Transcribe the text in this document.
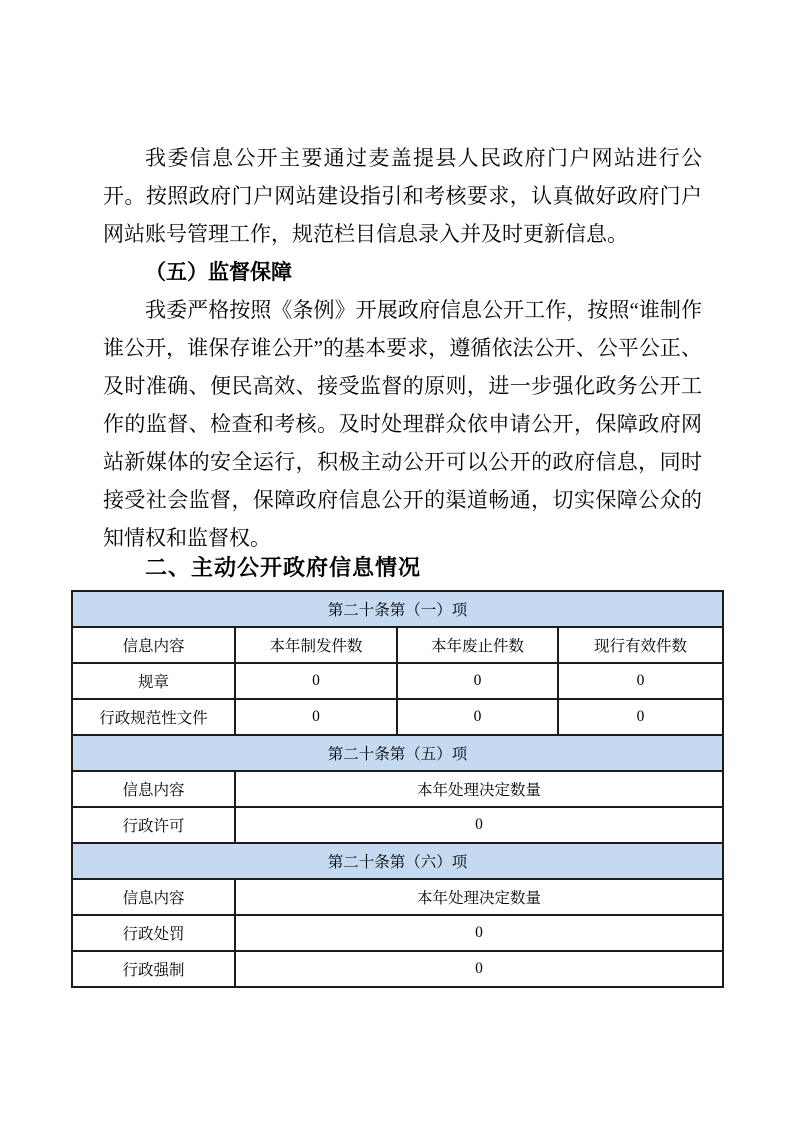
我委信息公开主要通过麦盖提县人民政府门户网站进行公开。按照政府门户网站建设指引和考核要求，认真做好政府门户网站账号管理工作，规范栏目信息录入并及时更新信息。

（五）监督保障

我委严格按照《条例》开展政府信息公开工作，按照“谁制作谁公开，谁保存谁公开”的基本要求，遵循依法公开、公平公正、及时准确、便民高效、接受监督的原则，进一步强化政务公开工作的监督、检查和考核。及时处理群众依申请公开，保障政府网站新媒体的安全运行，积极主动公开可以公开的政府信息，同时接受社会监督，保障政府信息公开的渠道畅通，切实保障公众的知情权和监督权。

二、主动公开政府信息情况

第二十条第（一）项			
信息内容	本年制发件数	本年废止件数	现行有效件数
规章	0	0	0
行政规范性文件	0	0	0
第二十条第（五）项			
信息内容	本年处理决定数量		
行政许可	0		
第二十条第（六）项			
信息内容	本年处理决定数量		
行政处罚	0		
行政强制	0		
